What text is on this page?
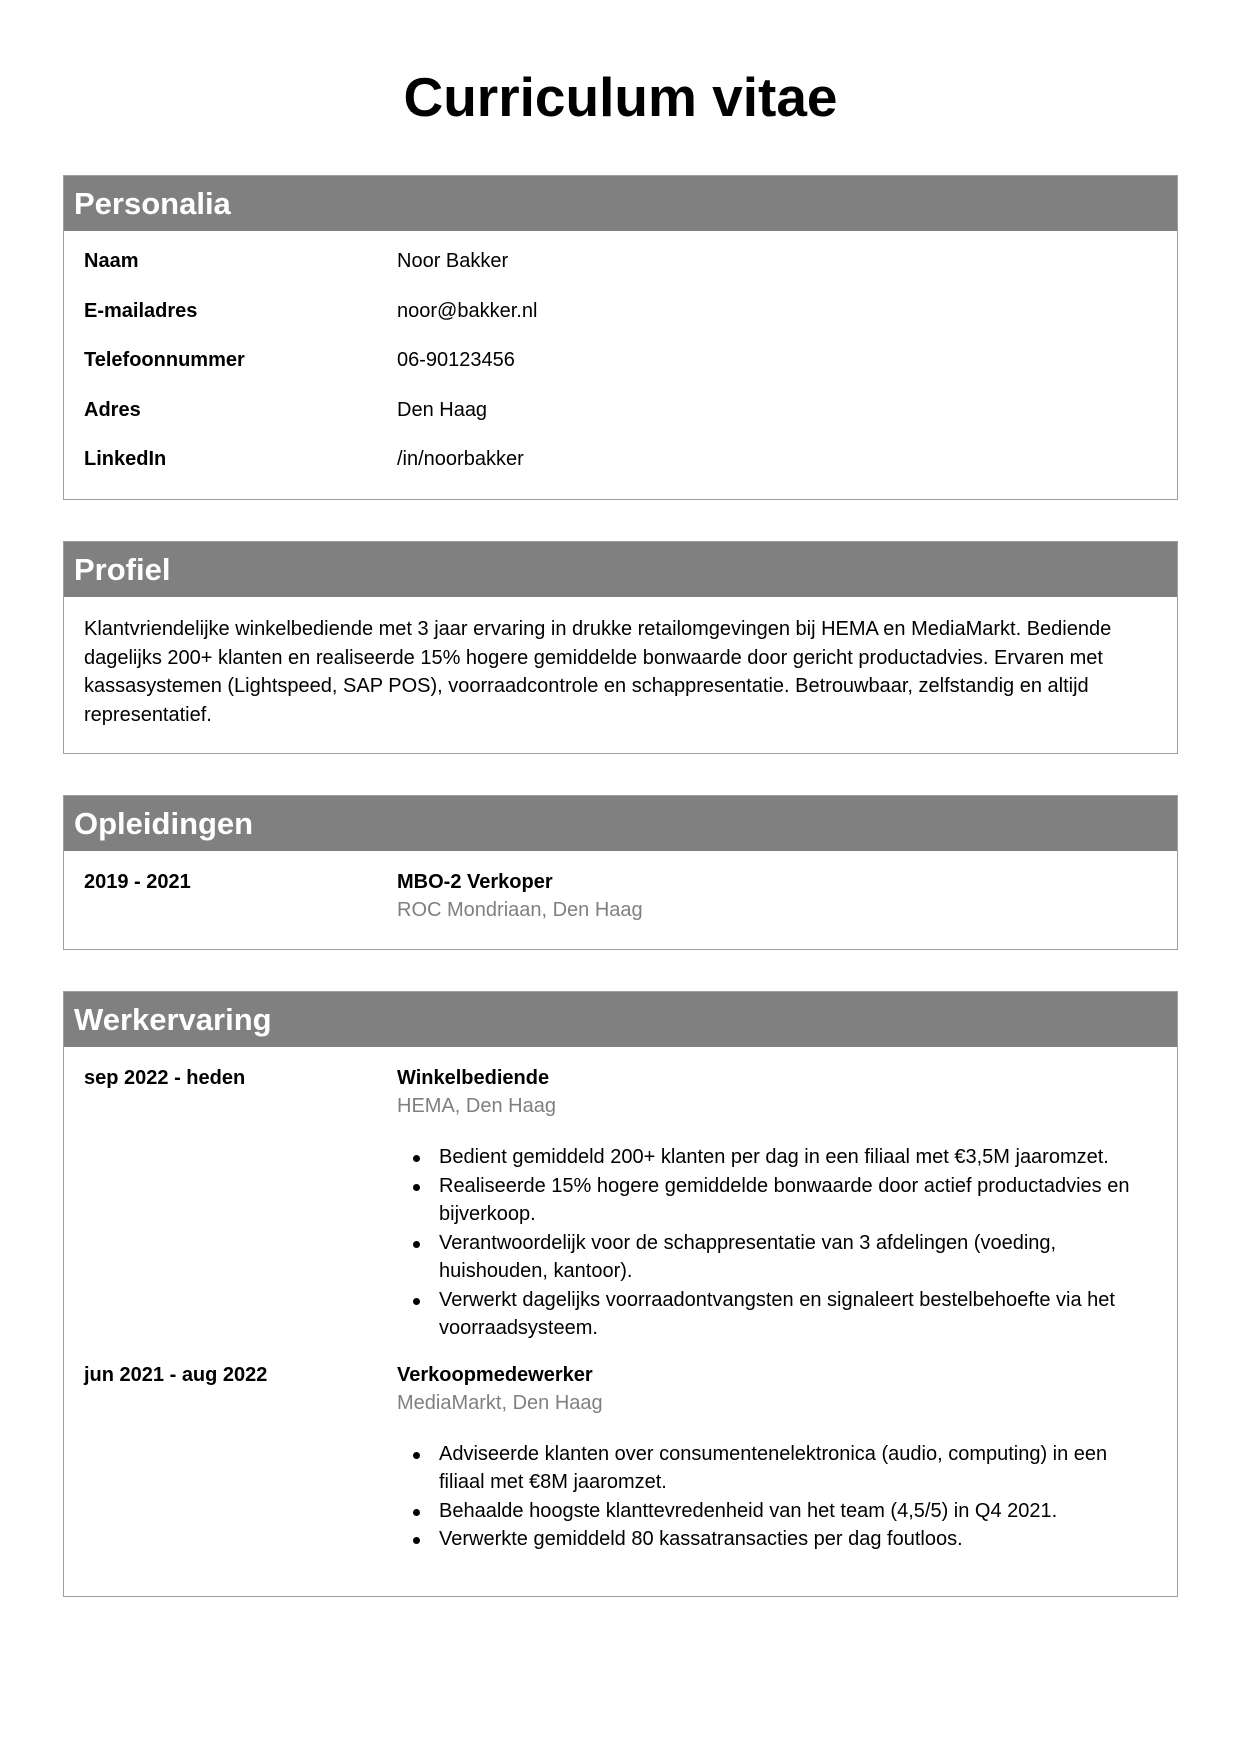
Curriculum vitae
Personalia
Naam	Noor Bakker
E-mailadres	noor@bakker.nl
Telefoonnummer	06-90123456
Adres	Den Haag
LinkedIn	/in/noorbakker
Profiel

Klantvriendelijke winkelbediende met 3 jaar ervaring in drukke retailomgevingen bij HEMA en MediaMarkt. Bediende dagelijks 200+ klanten en realiseerde 15% hogere gemiddelde bonwaarde door gericht productadvies. Ervaren met kassasystemen (Lightspeed, SAP POS), voorraadcontrole en schappresentatie. Betrouwbaar, zelfstandig en altijd representatief.

Opleidingen
2019 - 2021	MBO-2 Verkoper
ROC Mondriaan, Den Haag
Werkervaring
sep 2022 - heden	Winkelbediende
HEMA, Den Haag
Bedient gemiddeld 200+ klanten per dag in een filiaal met €3,5M jaaromzet.
Realiseerde 15% hogere gemiddelde bonwaarde door actief productadvies en bijverkoop.
Verantwoordelijk voor de schappresentatie van 3 afdelingen (voeding, huishouden, kantoor).
Verwerkt dagelijks voorraadontvangsten en signaleert bestelbehoefte via het voorraadsysteem.
jun 2021 - aug 2022	Verkoopmedewerker
MediaMarkt, Den Haag
Adviseerde klanten over consumentenelektronica (audio, computing) in een filiaal met €8M jaaromzet.
Behaalde hoogste klanttevredenheid van het team (4,5/5) in Q4 2021.
Verwerkte gemiddeld 80 kassatransacties per dag foutloos.
